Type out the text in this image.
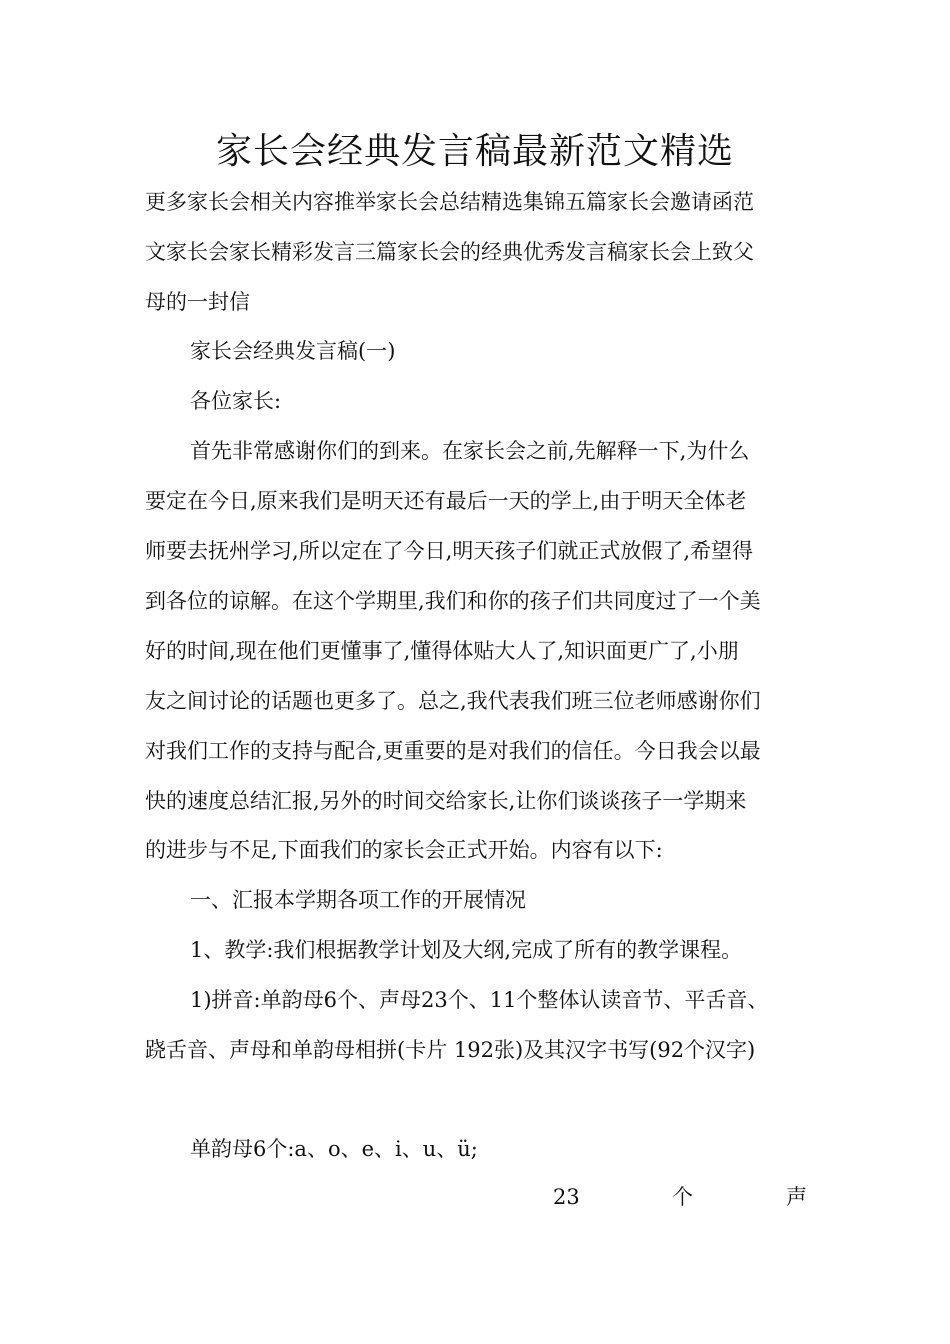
家长会经典发言稿最新范文精选

更多家长会相关内容推举家长会总结精选集锦五篇家长会邀请函范

文家长会家长精彩发言三篇家长会的经典优秀发言稿家长会上致父

母的一封信

家长会经典发言稿(一)

各位家长:

首先非常感谢你们的到来。在家长会之前,先解释一下,为什么

要定在今日,原来我们是明天还有最后一天的学上,由于明天全体老

师要去抚州学习,所以定在了今日,明天孩子们就正式放假了,希望得

到各位的谅解。在这个学期里,我们和你的孩子们共同度过了一个美

好的时间,现在他们更懂事了,懂得体贴大人了,知识面更广了,小朋

友之间讨论的话题也更多了。总之,我代表我们班三位老师感谢你们

对我们工作的支持与配合,更重要的是对我们的信任。今日我会以最

快的速度总结汇报,另外的时间交给家长,让你们谈谈孩子一学期来

的进步与不足,下面我们的家长会正式开始。内容有以下:

一、汇报本学期各项工作的开展情况

1、教学:我们根据教学计划及大纲,完成了所有的教学课程。

1)拼音:单韵母6个、声母23个、11个整体认读音节、平舌音、

跷舌音、声母和单韵母相拼(卡片 192张)及其汉字书写(92个汉字)

单韵母6个:a、o、e、i、u、ü;

23	个	声
